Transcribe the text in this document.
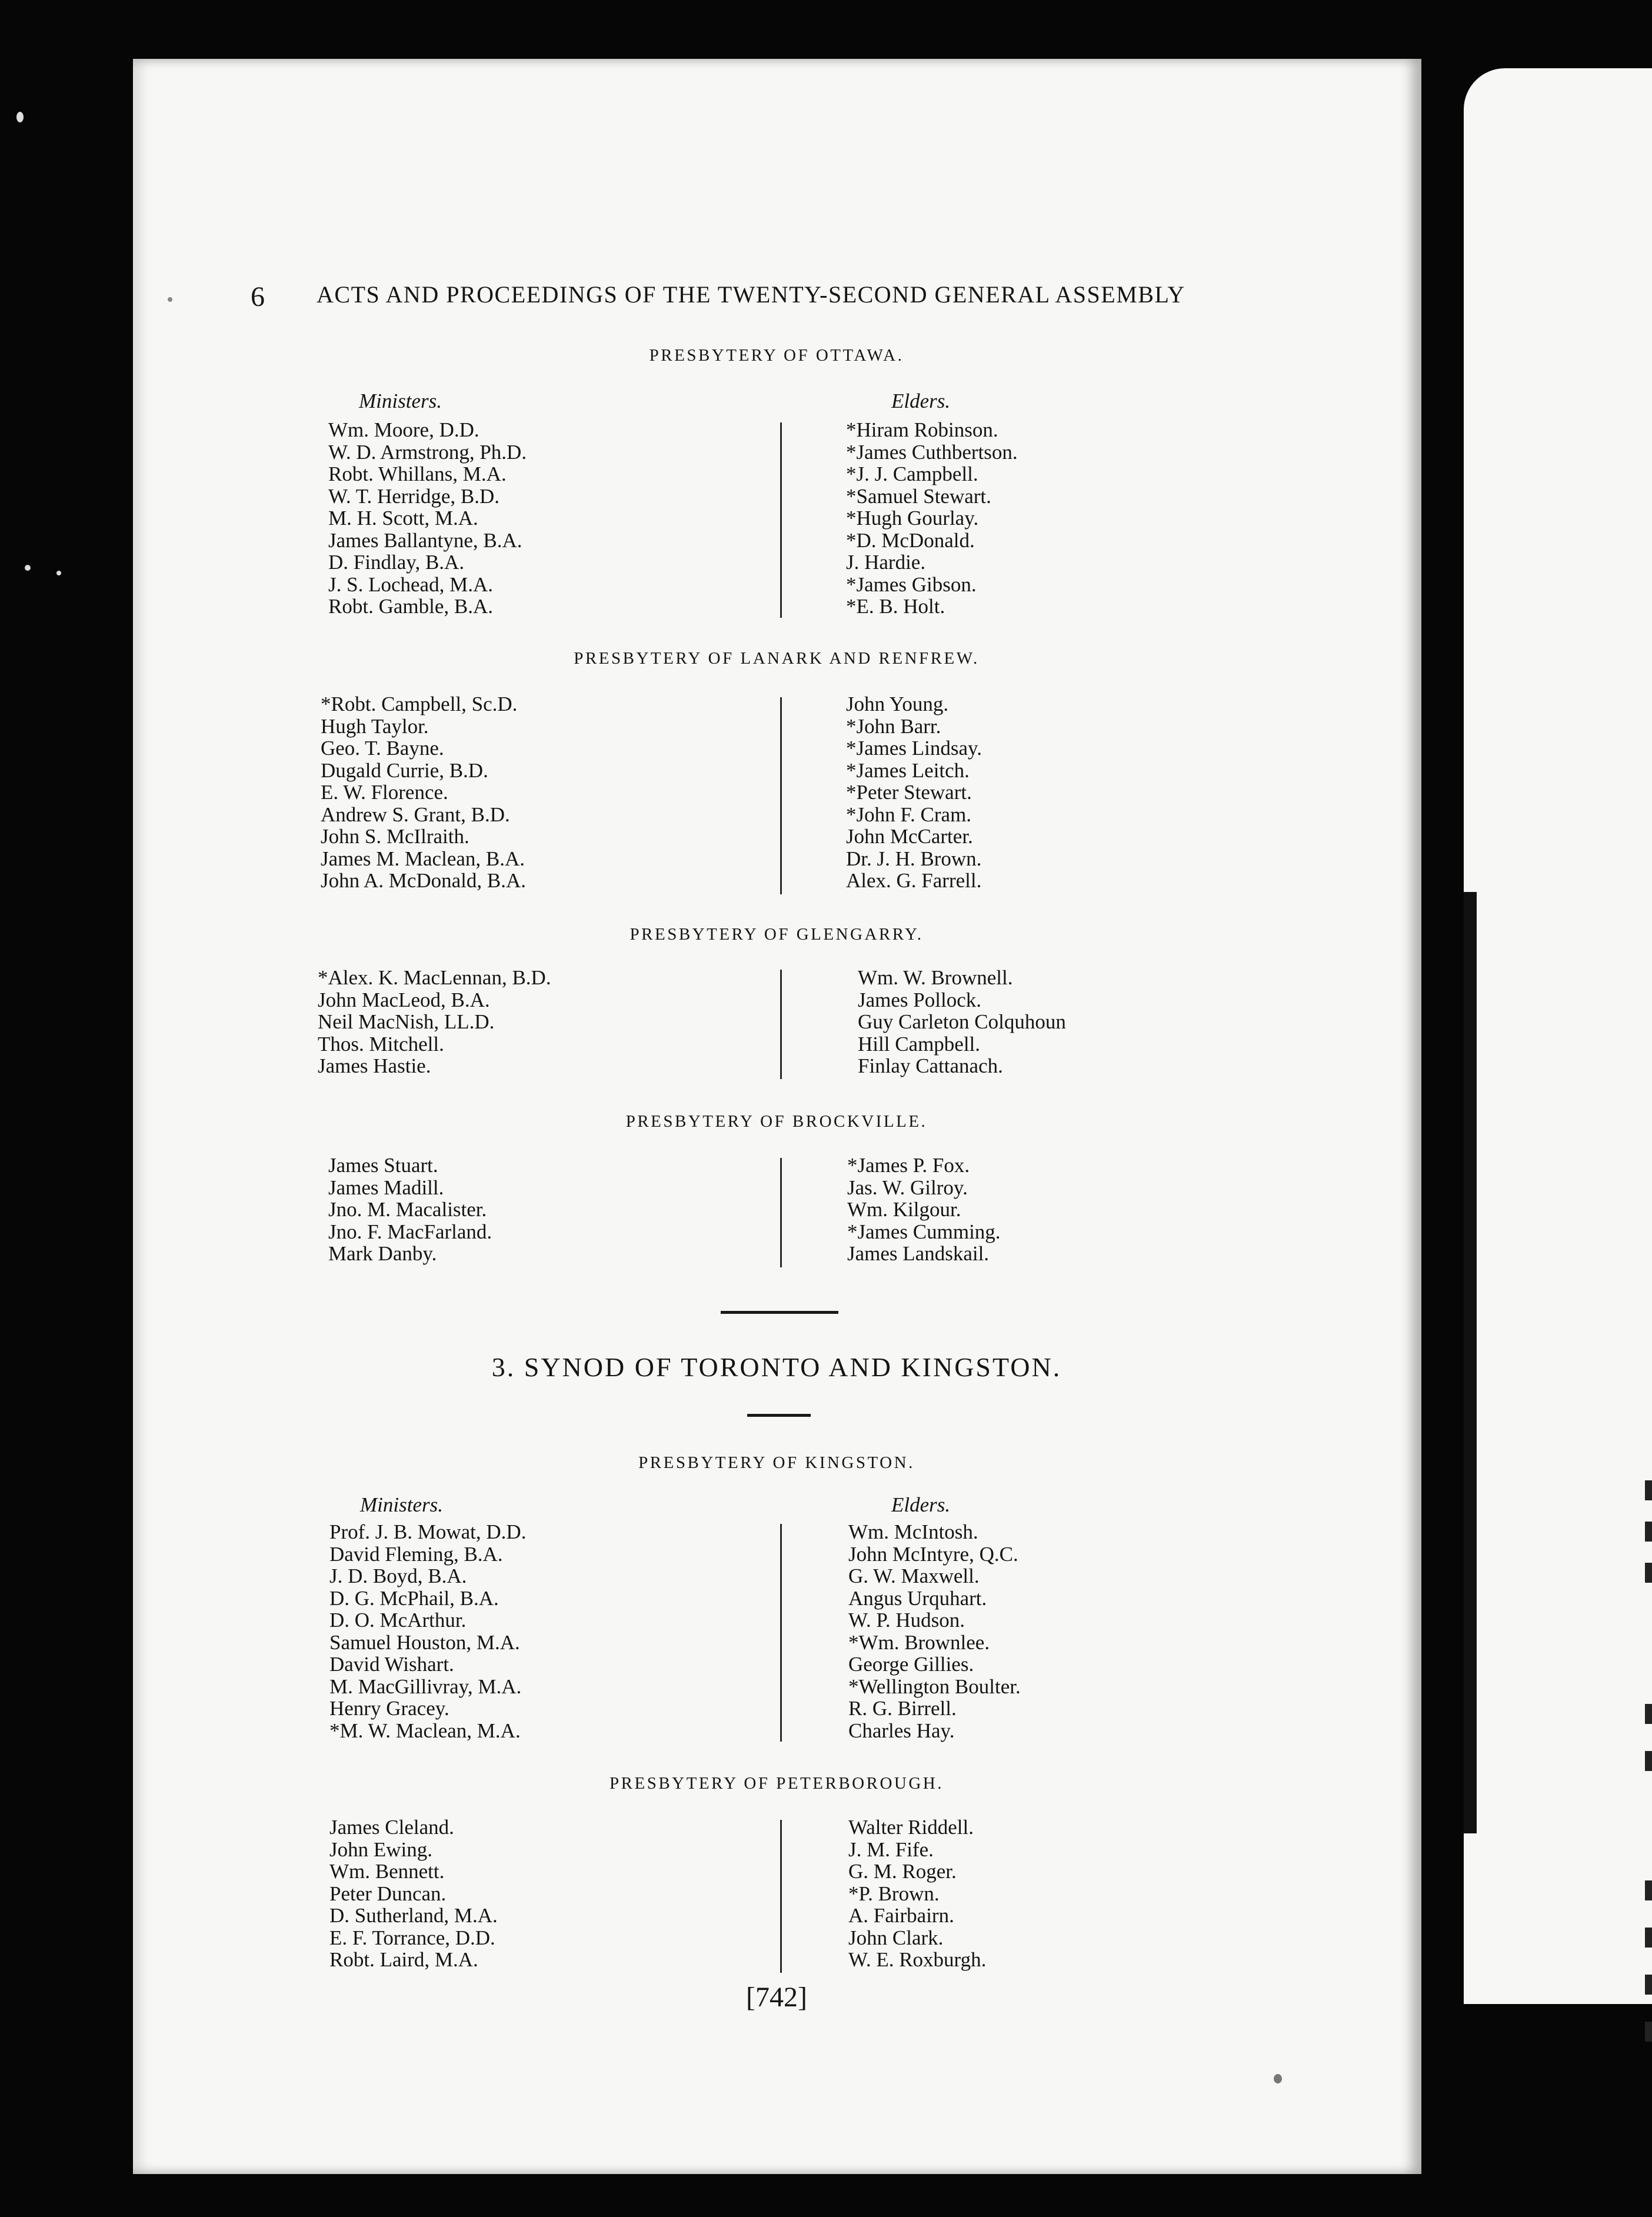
6 ACTS AND PROCEEDINGS OF THE TWENTY-SECOND GENERAL ASSEMBLY
PRESBYTERY OF OTTAWA.
Ministers.	Elders.
Wm. Moore, D.D.
W. D. Armstrong, Ph.D.
Robt. Whillans, M.A.
W. T. Herridge, B.D.
M. H. Scott, M.A.
James Ballantyne, B.A.
D. Findlay, B.A.
J. S. Lochead, M.A.
Robt. Gamble, B.A.
*Hiram Robinson.
*James Cuthbertson.
*J. J. Campbell.
*Samuel Stewart.
*Hugh Gourlay.
*D. McDonald.
J. Hardie.
*James Gibson.
*E. B. Holt.
PRESBYTERY OF LANARK AND RENFREW.
*Robt. Campbell, Sc.D.
Hugh Taylor.
Geo. T. Bayne.
Dugald Currie, B.D.
E. W. Florence.
Andrew S. Grant, B.D.
John S. McIlraith.
James M. Maclean, B.A.
John A. McDonald, B.A.
John Young.
*John Barr.
*James Lindsay.
*James Leitch.
*Peter Stewart.
*John F. Cram.
John McCarter.
Dr. J. H. Brown.
Alex. G. Farrell.
PRESBYTERY OF GLENGARRY.
*Alex. K. MacLennan, B.D.
John MacLeod, B.A.
Neil MacNish, LL.D.
Thos. Mitchell.
James Hastie.
Wm. W. Brownell.
James Pollock.
Guy Carleton Colquhoun
Hill Campbell.
Finlay Cattanach.
PRESBYTERY OF BROCKVILLE.
James Stuart.
James Madill.
Jno. M. Macalister.
Jno. F. MacFarland.
Mark Danby.
*James P. Fox.
Jas. W. Gilroy.
Wm. Kilgour.
*James Cumming.
James Landskail.
3. SYNOD OF TORONTO AND KINGSTON.
PRESBYTERY OF KINGSTON.
Ministers.	Elders.
Prof. J. B. Mowat, D.D.
David Fleming, B.A.
J. D. Boyd, B.A.
D. G. McPhail, B.A.
D. O. McArthur.
Samuel Houston, M.A.
David Wishart.
M. MacGillivray, M.A.
Henry Gracey.
*M. W. Maclean, M.A.
Wm. McIntosh.
John McIntyre, Q.C.
G. W. Maxwell.
Angus Urquhart.
W. P. Hudson.
*Wm. Brownlee.
George Gillies.
*Wellington Boulter.
R. G. Birrell.
Charles Hay.
PRESBYTERY OF PETERBOROUGH.
James Cleland.
John Ewing.
Wm. Bennett.
Peter Duncan.
D. Sutherland, M.A.
E. F. Torrance, D.D.
Robt. Laird, M.A.
Walter Riddell.
J. M. Fife.
G. M. Roger.
*P. Brown.
A. Fairbairn.
John Clark.
W. E. Roxburgh.
[742]
